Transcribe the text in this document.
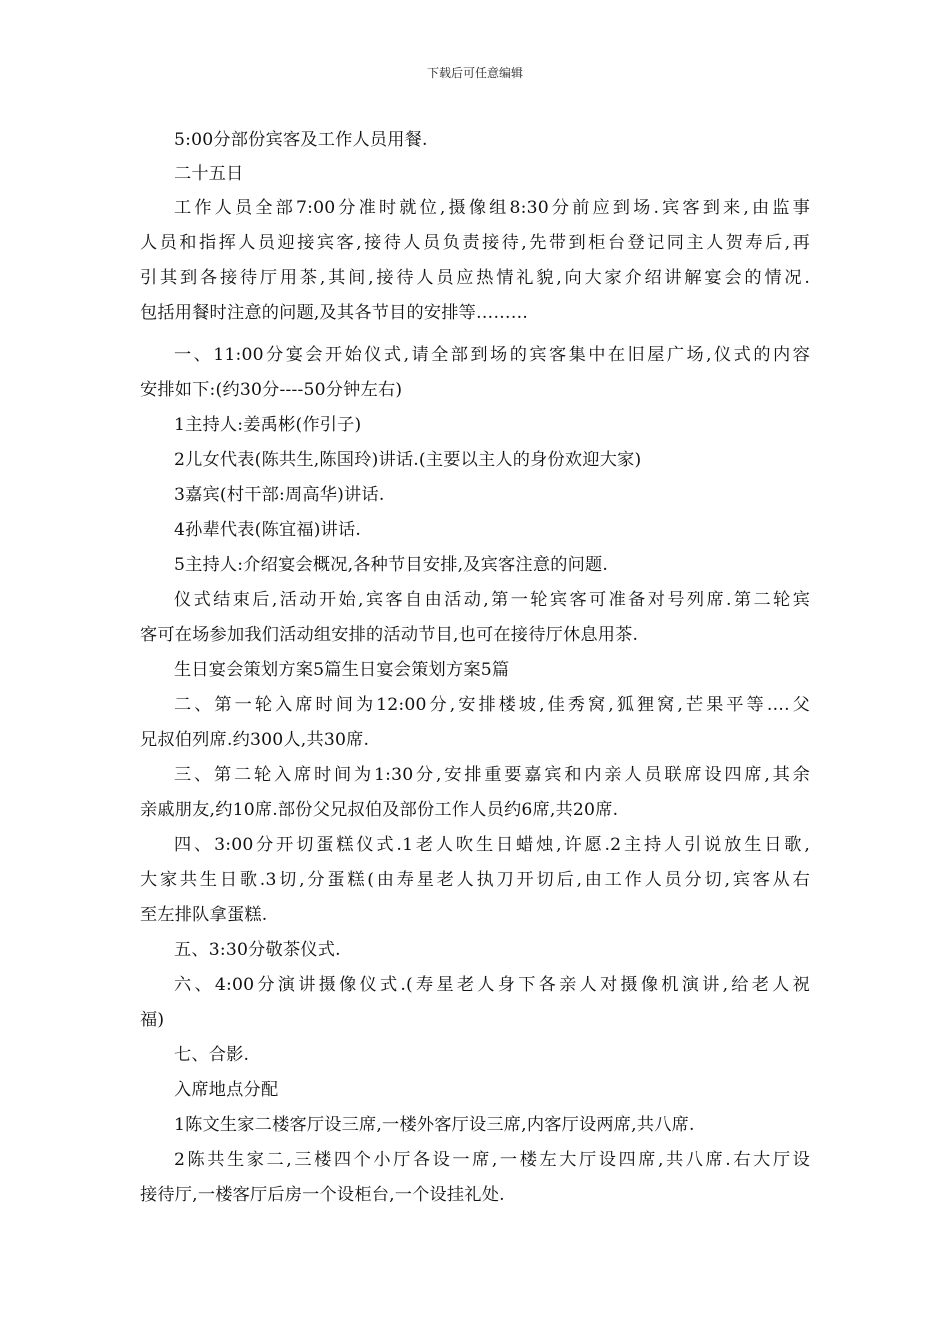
下载后可任意编辑
5:00分部份宾客及工作人员用餐.
二十五日
工作人员全部7:00分准时就位,摄像组8:30分前应到场.宾客到来,由监事
人员和指挥人员迎接宾客,接待人员负责接待,先带到柜台登记同主人贺寿后,再
引其到各接待厅用茶,其间,接待人员应热情礼貌,向大家介绍讲解宴会的情况.
包括用餐时注意的问题,及其各节目的安排等………
一、11:00分宴会开始仪式,请全部到场的宾客集中在旧屋广场,仪式的内容
安排如下:(约30分----50分钟左右)
1主持人:姜禹彬(作引子)
2儿女代表(陈共生,陈国玲)讲话.(主要以主人的身份欢迎大家)
3嘉宾(村干部:周高华)讲话.
4孙辈代表(陈宜福)讲话.
5主持人:介绍宴会概况,各种节目安排,及宾客注意的问题.
仪式结束后,活动开始,宾客自由活动,第一轮宾客可准备对号列席.第二轮宾
客可在场参加我们活动组安排的活动节目,也可在接待厅休息用茶.
生日宴会策划方案5篇生日宴会策划方案5篇
二、第一轮入席时间为12:00分,安排楼坡,佳秀窝,狐狸窝,芒果平等….父
兄叔伯列席.约300人,共30席.
三、第二轮入席时间为1:30分,安排重要嘉宾和内亲人员联席设四席,其余
亲戚朋友,约10席.部份父兄叔伯及部份工作人员约6席,共20席.
四、3:00分开切蛋糕仪式.1老人吹生日蜡烛,许愿.2主持人引说放生日歌,
大家共生日歌.3切,分蛋糕(由寿星老人执刀开切后,由工作人员分切,宾客从右
至左排队拿蛋糕.
五、3:30分敬茶仪式.
六、4:00分演讲摄像仪式.(寿星老人身下各亲人对摄像机演讲,给老人祝
福)
七、合影.
入席地点分配
1陈文生家二楼客厅设三席,一楼外客厅设三席,内客厅设两席,共八席.
2陈共生家二,三楼四个小厅各设一席,一楼左大厅设四席,共八席.右大厅设
接待厅,一楼客厅后房一个设柜台,一个设挂礼处.
